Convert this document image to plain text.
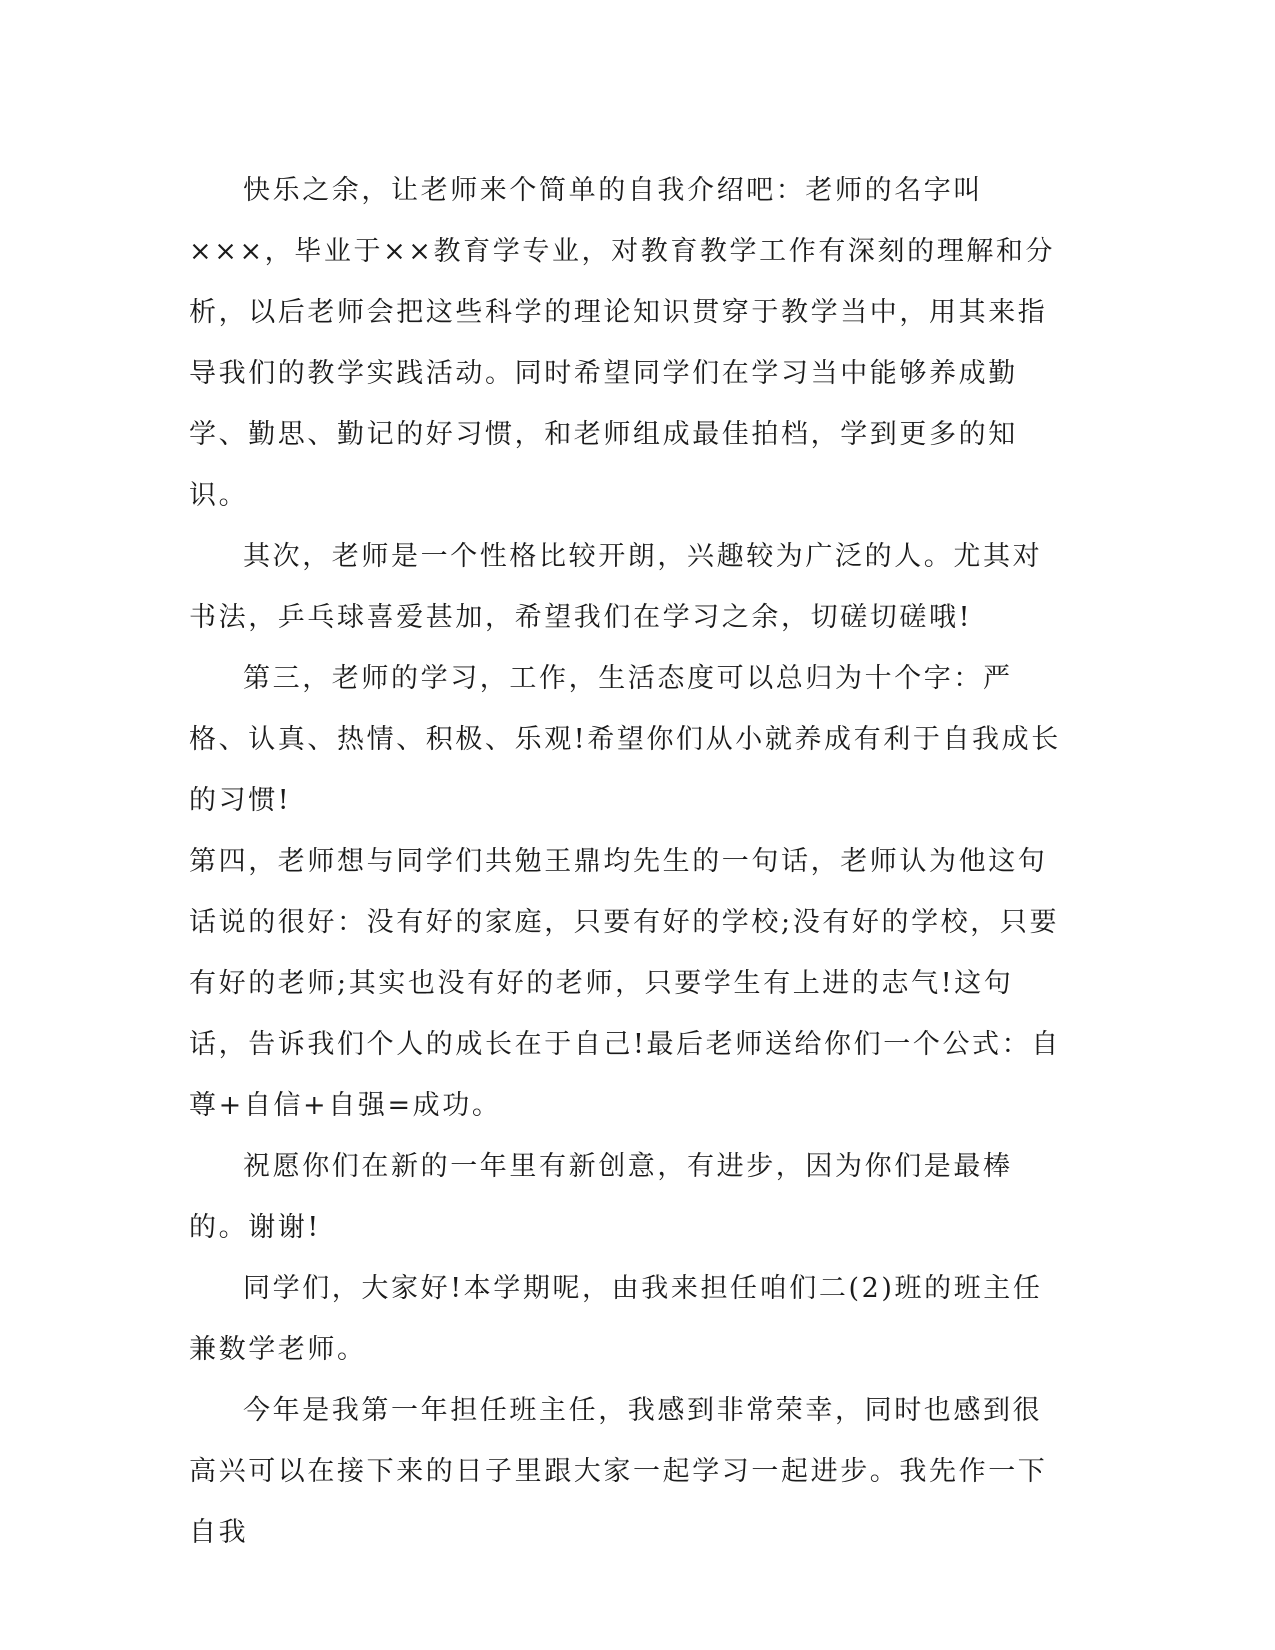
快乐之余，让老师来个简单的自我介绍吧：老师的名字叫×××，毕业于××教育学专业，对教育教学工作有深刻的理解和分析，以后老师会把这些科学的理论知识贯穿于教学当中，用其来指导我们的教学实践活动。同时希望同学们在学习当中能够养成勤学、勤思、勤记的好习惯，和老师组成最佳拍档，学到更多的知识。

其次，老师是一个性格比较开朗，兴趣较为广泛的人。尤其对书法，乒乓球喜爱甚加，希望我们在学习之余，切磋切磋哦!

第三，老师的学习，工作，生活态度可以总归为十个字：严格、认真、热情、积极、乐观!希望你们从小就养成有利于自我成长的习惯!

第四，老师想与同学们共勉王鼎均先生的一句话，老师认为他这句话说的很好：没有好的家庭，只要有好的学校;没有好的学校，只要有好的老师;其实也没有好的老师，只要学生有上进的志气!这句话，告诉我们个人的成长在于自己!最后老师送给你们一个公式：自尊+自信+自强=成功。

祝愿你们在新的一年里有新创意，有进步，因为你们是最棒的。谢谢!

同学们，大家好!本学期呢，由我来担任咱们二(2)班的班主任兼数学老师。

今年是我第一年担任班主任，我感到非常荣幸，同时也感到很高兴可以在接下来的日子里跟大家一起学习一起进步。我先作一下自我
